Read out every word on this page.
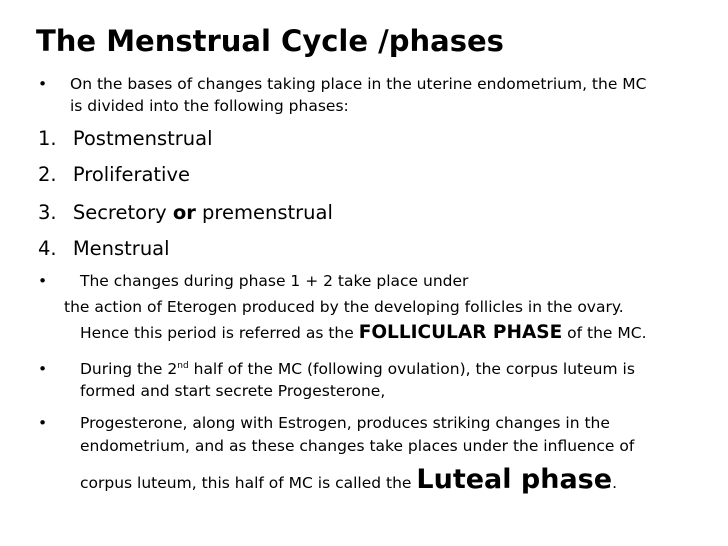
The Menstrual Cycle /phases
• On the bases of changes taking place in the uterine endometrium, the MC
is divided into the following phases:
1. Postmenstrual
2. Proliferative
3. Secretory or premenstrual
4. Menstrual
• The changes during phase 1 + 2 take place under
the action of Eterogen produced by the developing follicles in the ovary.
Hence this period is referred as the FOLLICULAR PHASE of the MC.
• During the 2nd half of the MC (following ovulation), the corpus luteum is
formed and start secrete Progesterone,
• Progesterone, along with Estrogen, produces striking changes in the
endometrium, and as these changes take places under the influence of
corpus luteum, this half of MC is called the Luteal phase.
